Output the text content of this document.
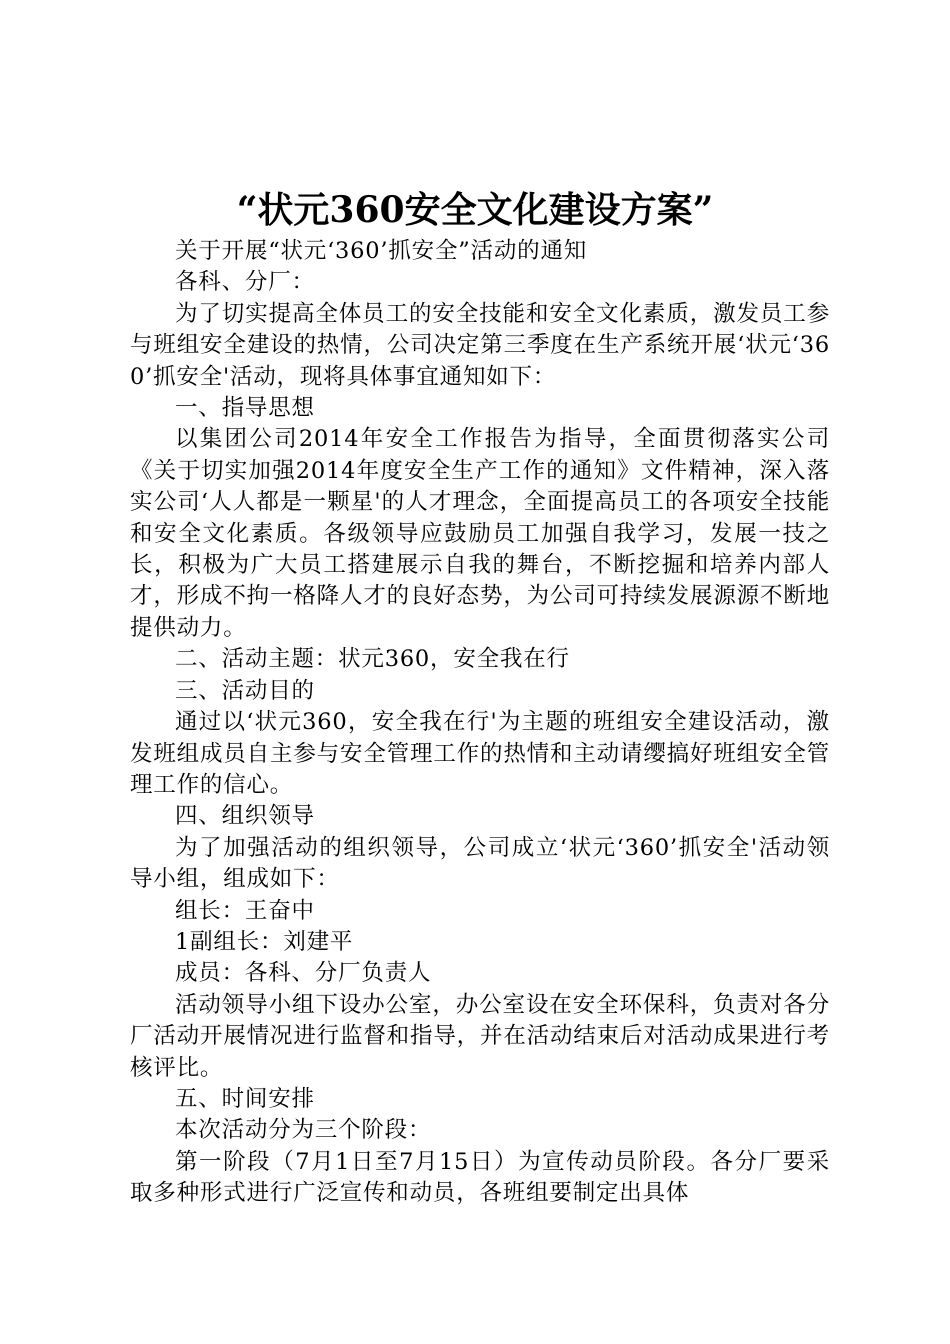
“状元360安全文化建设方案”

关于开展“状元‘360’抓安全”活动的通知

各科、分厂：

为了切实提高全体员工的安全技能和安全文化素质，激发员工参与班组安全建设的热情，公司决定第三季度在生产系统开展‘状元‘360’抓安全'活动，现将具体事宜通知如下：

一、指导思想

以集团公司2014年安全工作报告为指导，全面贯彻落实公司《关于切实加强2014年度安全生产工作的通知》文件精神，深入落实公司‘人人都是一颗星'的人才理念，全面提高员工的各项安全技能和安全文化素质。各级领导应鼓励员工加强自我学习，发展一技之长，积极为广大员工搭建展示自我的舞台，不断挖掘和培养内部人才，形成不拘一格降人才的良好态势，为公司可持续发展源源不断地提供动力。

二、活动主题：状元360，安全我在行

三、活动目的

通过以‘状元360，安全我在行'为主题的班组安全建设活动，激发班组成员自主参与安全管理工作的热情和主动请缨搞好班组安全管理工作的信心。

四、组织领导

为了加强活动的组织领导，公司成立‘状元‘360’抓安全'活动领导小组，组成如下：

组长：王奋中

1副组长：刘建平

成员：各科、分厂负责人

活动领导小组下设办公室，办公室设在安全环保科，负责对各分厂活动开展情况进行监督和指导，并在活动结束后对活动成果进行考核评比。

五、时间安排

本次活动分为三个阶段：

第一阶段（7月1日至7月15日）为宣传动员阶段。各分厂要采取多种形式进行广泛宣传和动员，各班组要制定出具体
